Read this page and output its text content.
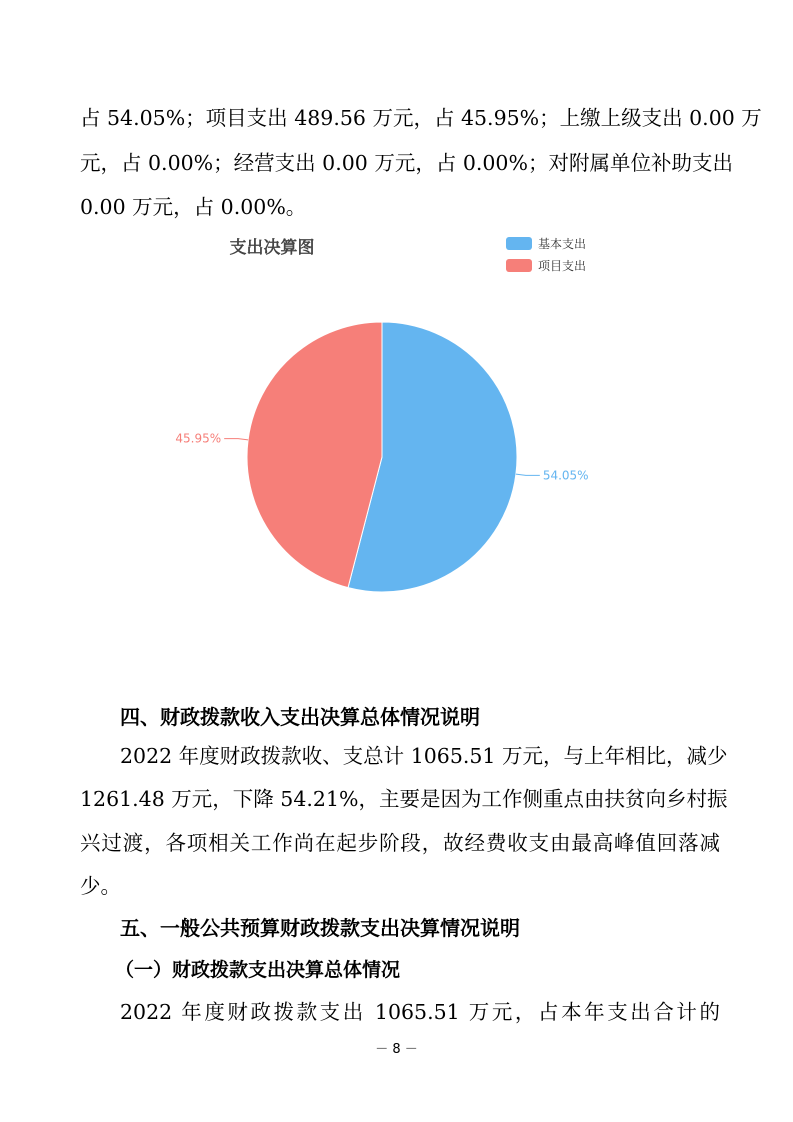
占 54.05%；项目支出 489.56 万元，占 45.95%；上缴上级支出 0.00 万
元，占 0.00%；经营支出 0.00 万元，占 0.00%；对附属单位补助支出
0.00 万元，占 0.00%。
支出决算图	基本支出
项目支出
54.05%
45.95%
四、财政拨款收入支出决算总体情况说明
2022 年度财政拨款收、支总计 1065.51 万元，与上年相比，减少
1261.48 万元，下降 54.21%，主要是因为工作侧重点由扶贫向乡村振
兴过渡，各项相关工作尚在起步阶段，故经费收支由最高峰值回落减
少。
五、一般公共预算财政拨款支出决算情况说明
（一）财政拨款支出决算总体情况
2022 年度财政拨款支出 1065.51 万元，占本年支出合计的
－ 8 －
